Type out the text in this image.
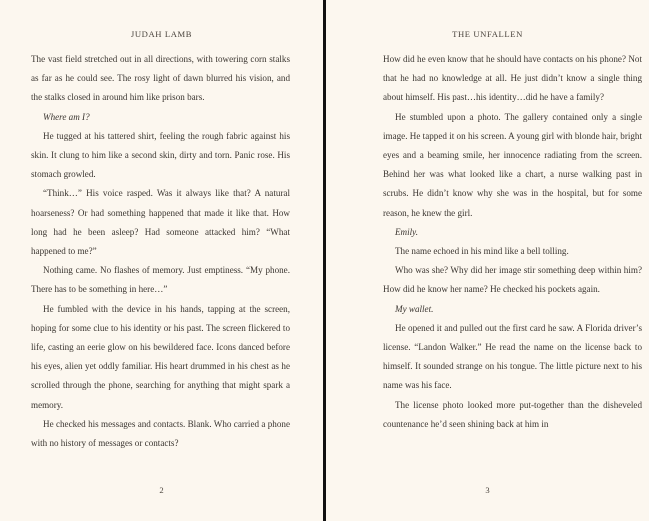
JUDAH LAMB

The vast field stretched out in all directions, with towering corn stalks as far as he could see. The rosy light of dawn blurred his vision, and the stalks closed in around him like prison bars.

Where am I?

He tugged at his tattered shirt, feeling the rough fabric against his skin. It clung to him like a second skin, dirty and torn. Panic rose. His stomach growled.

“Think…” His voice rasped. Was it always like that? A natural hoarseness? Or had something happened that made it like that. How long had he been asleep? Had someone attacked him? “What happened to me?”

Nothing came. No flashes of memory. Just emptiness. “My phone. There has to be something in here…”

He fumbled with the device in his hands, tapping at the screen, hoping for some clue to his identity or his past. The screen flickered to life, casting an eerie glow on his bewildered face. Icons danced before his eyes, alien yet oddly familiar. His heart drummed in his chest as he scrolled through the phone, searching for anything that might spark a memory.

He checked his messages and contacts. Blank. Who carried a phone with no history of messages or contacts?

2
THE UNFALLEN

How did he even know that he should have contacts on his phone? Not that he had no knowledge at all. He just didn’t know a single thing about himself. His past…his identity…did he have a family?

He stumbled upon a photo. The gallery contained only a single image. He tapped it on his screen. A young girl with blonde hair, bright eyes and a beaming smile, her innocence radiating from the screen. Behind her was what looked like a chart, a nurse walking past in scrubs. He didn’t know why she was in the hospital, but for some reason, he knew the girl.

Emily.

The name echoed in his mind like a bell tolling.

Who was she? Why did her image stir something deep within him? How did he know her name? He checked his pockets again.

My wallet.

He opened it and pulled out the first card he saw. A Florida driver’s license. “Landon Walker.” He read the name on the license back to himself. It sounded strange on his tongue. The little picture next to his name was his face.

The license photo looked more put-together than the disheveled countenance he’d seen shining back at him in

3
